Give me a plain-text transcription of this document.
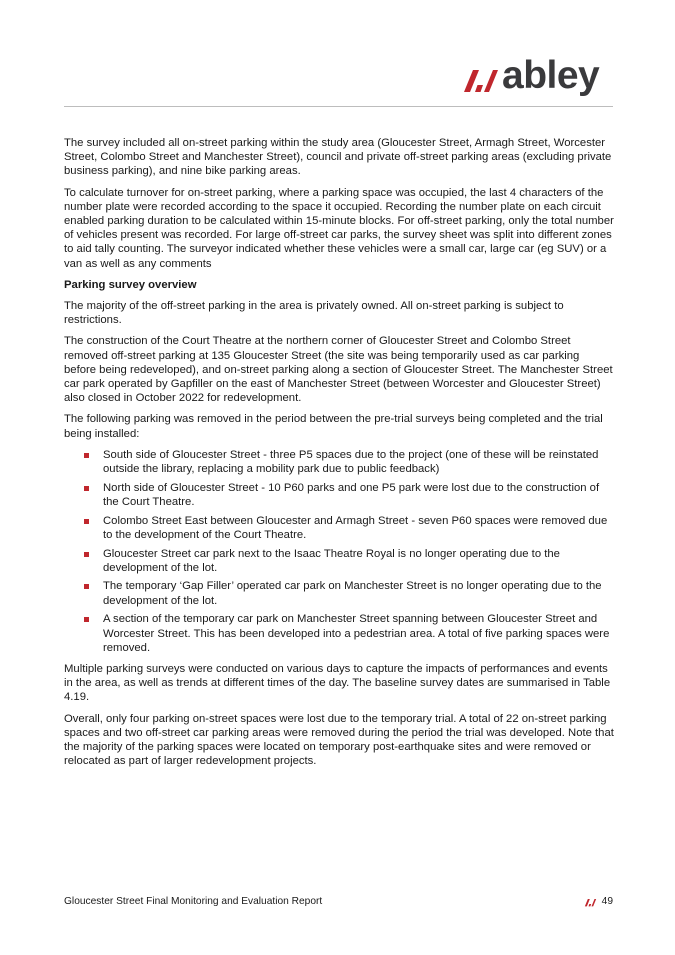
abley

The survey included all on-street parking within the study area (Gloucester Street, Armagh Street, Worcester Street, Colombo Street and Manchester Street), council and private off-street parking areas (excluding private business parking), and nine bike parking areas.

To calculate turnover for on-street parking, where a parking space was occupied, the last 4 characters of the number plate were recorded according to the space it occupied. Recording the number plate on each circuit enabled parking duration to be calculated within 15-minute blocks. For off-street parking, only the total number of vehicles present was recorded. For large off-street car parks, the survey sheet was split into different zones to aid tally counting. The surveyor indicated whether these vehicles were a small car, large car (eg SUV) or a van as well as any comments

Parking survey overview

The majority of the off-street parking in the area is privately owned. All on-street parking is subject to restrictions.

The construction of the Court Theatre at the northern corner of Gloucester Street and Colombo Street removed off-street parking at 135 Gloucester Street (the site was being temporarily used as car parking before being redeveloped), and on-street parking along a section of Gloucester Street. The Manchester Street car park operated by Gapfiller on the east of Manchester Street (between Worcester and Gloucester Street) also closed in October 2022 for redevelopment.

The following parking was removed in the period between the pre-trial surveys being completed and the trial being installed:

South side of Gloucester Street - three P5 spaces due to the project (one of these will be reinstated outside the library, replacing a mobility park due to public feedback)
North side of Gloucester Street - 10 P60 parks and one P5 park were lost due to the construction of the Court Theatre.
Colombo Street East between Gloucester and Armagh Street - seven P60 spaces were removed due to the development of the Court Theatre.
Gloucester Street car park next to the Isaac Theatre Royal is no longer operating due to the development of the lot.
The temporary ‘Gap Filler’ operated car park on Manchester Street is no longer operating due to the development of the lot.
A section of the temporary car park on Manchester Street spanning between Gloucester Street and Worcester Street. This has been developed into a pedestrian area. A total of five parking spaces were removed.

Multiple parking surveys were conducted on various days to capture the impacts of performances and events in the area, as well as trends at different times of the day. The baseline survey dates are summarised in Table 4.19.

Overall, only four parking on-street spaces were lost due to the temporary trial. A total of 22 on-street parking spaces and two off-street car parking areas were removed during the period the trial was developed. Note that the majority of the parking spaces were located on temporary post-earthquake sites and were removed or relocated as part of larger redevelopment projects.

Gloucester Street Final Monitoring and Evaluation Report	49
